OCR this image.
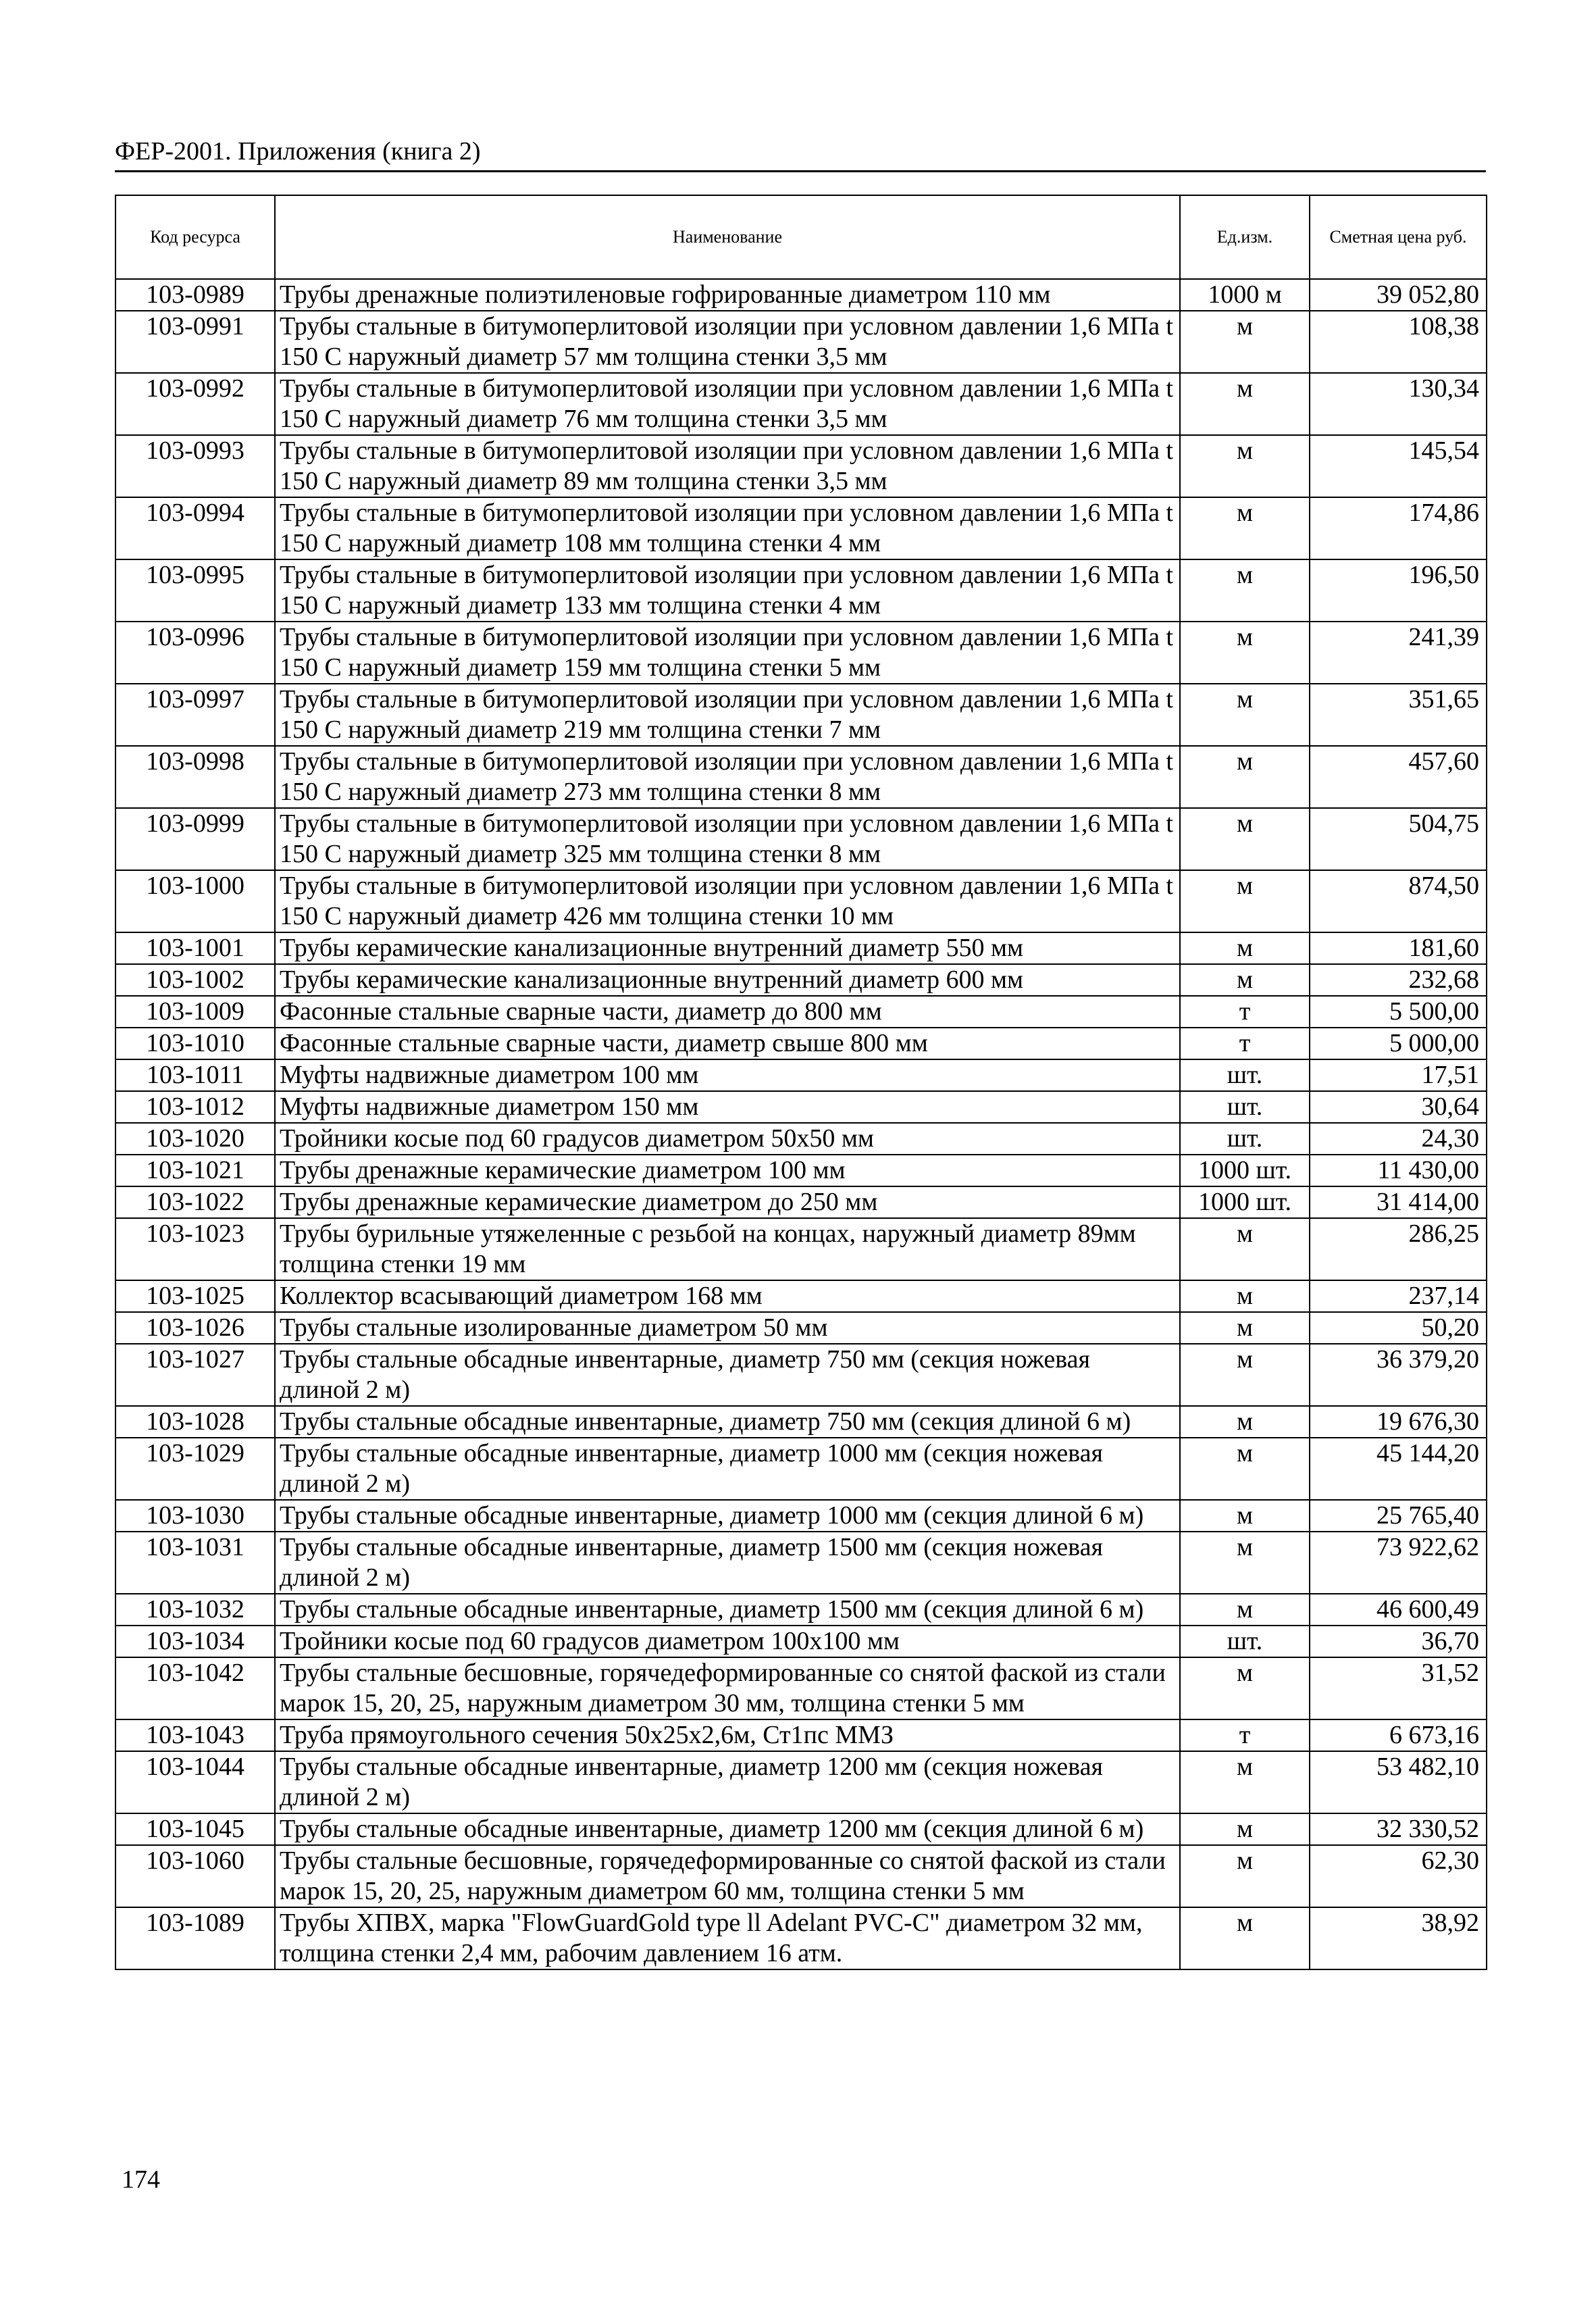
ФЕР-2001. Приложения (книга 2)
Код ресурса	Наименование	Ед.изм.	Сметная цена руб.
103-0989	Трубы дренажные полиэтиленовые гофрированные диаметром 110 мм	1000 м	39 052,80
103-0991	Трубы стальные в битумоперлитовой изоляции при условном давлении 1,6 МПа t 150 С наружный диаметр 57 мм толщина стенки 3,5 мм	м	108,38
103-0992	Трубы стальные в битумоперлитовой изоляции при условном давлении 1,6 МПа t 150 С наружный диаметр 76 мм толщина стенки 3,5 мм	м	130,34
103-0993	Трубы стальные в битумоперлитовой изоляции при условном давлении 1,6 МПа t 150 С наружный диаметр 89 мм толщина стенки 3,5 мм	м	145,54
103-0994	Трубы стальные в битумоперлитовой изоляции при условном давлении 1,6 МПа t 150 С наружный диаметр 108 мм толщина стенки 4 мм	м	174,86
103-0995	Трубы стальные в битумоперлитовой изоляции при условном давлении 1,6 МПа t 150 С наружный диаметр 133 мм толщина стенки 4 мм	м	196,50
103-0996	Трубы стальные в битумоперлитовой изоляции при условном давлении 1,6 МПа t 150 С наружный диаметр 159 мм толщина стенки 5 мм	м	241,39
103-0997	Трубы стальные в битумоперлитовой изоляции при условном давлении 1,6 МПа t 150 С наружный диаметр 219 мм толщина стенки 7 мм	м	351,65
103-0998	Трубы стальные в битумоперлитовой изоляции при условном давлении 1,6 МПа t 150 С наружный диаметр 273 мм толщина стенки 8 мм	м	457,60
103-0999	Трубы стальные в битумоперлитовой изоляции при условном давлении 1,6 МПа t 150 С наружный диаметр 325 мм толщина стенки 8 мм	м	504,75
103-1000	Трубы стальные в битумоперлитовой изоляции при условном давлении 1,6 МПа t 150 С наружный диаметр 426 мм толщина стенки 10 мм	м	874,50
103-1001	Трубы керамические канализационные внутренний диаметр 550 мм	м	181,60
103-1002	Трубы керамические канализационные внутренний диаметр 600 мм	м	232,68
103-1009	Фасонные стальные сварные части, диаметр до 800 мм	т	5 500,00
103-1010	Фасонные стальные сварные части, диаметр свыше 800 мм	т	5 000,00
103-1011	Муфты надвижные диаметром 100 мм	шт.	17,51
103-1012	Муфты надвижные диаметром 150 мм	шт.	30,64
103-1020	Тройники косые под 60 градусов диаметром 50х50 мм	шт.	24,30
103-1021	Трубы дренажные керамические диаметром 100 мм	1000 шт.	11 430,00
103-1022	Трубы дренажные керамические диаметром до 250 мм	1000 шт.	31 414,00
103-1023	Трубы бурильные утяжеленные с резьбой на концах, наружный диаметр 89мм толщина стенки 19 мм	м	286,25
103-1025	Коллектор всасывающий диаметром 168 мм	м	237,14
103-1026	Трубы стальные изолированные диаметром 50 мм	м	50,20
103-1027	Трубы стальные обсадные инвентарные, диаметр 750 мм (секция ножевая длиной 2 м)	м	36 379,20
103-1028	Трубы стальные обсадные инвентарные, диаметр 750 мм (секция длиной 6 м)	м	19 676,30
103-1029	Трубы стальные обсадные инвентарные, диаметр 1000 мм (секция ножевая длиной 2 м)	м	45 144,20
103-1030	Трубы стальные обсадные инвентарные, диаметр 1000 мм (секция длиной 6 м)	м	25 765,40
103-1031	Трубы стальные обсадные инвентарные, диаметр 1500 мм (секция ножевая длиной 2 м)	м	73 922,62
103-1032	Трубы стальные обсадные инвентарные, диаметр 1500 мм (секция длиной 6 м)	м	46 600,49
103-1034	Тройники косые под 60 градусов диаметром 100х100 мм	шт.	36,70
103-1042	Трубы стальные бесшовные, горячедеформированные со снятой фаской из стали марок 15, 20, 25, наружным диаметром 30 мм, толщина стенки 5 мм	м	31,52
103-1043	Труба прямоугольного сечения 50х25х2,6м, Ст1пс ММЗ	т	6 673,16
103-1044	Трубы стальные обсадные инвентарные, диаметр 1200 мм (секция ножевая длиной 2 м)	м	53 482,10
103-1045	Трубы стальные обсадные инвентарные, диаметр 1200 мм (секция длиной 6 м)	м	32 330,52
103-1060	Трубы стальные бесшовные, горячедеформированные со снятой фаской из стали марок 15, 20, 25, наружным диаметром 60 мм, толщина стенки 5 мм	м	62,30
103-1089	Трубы ХПВХ, марка "FlowGuardGold type ll Adelant PVC-C" диаметром 32 мм, толщина стенки 2,4 мм, рабочим давлением 16 атм.	м	38,92
174
